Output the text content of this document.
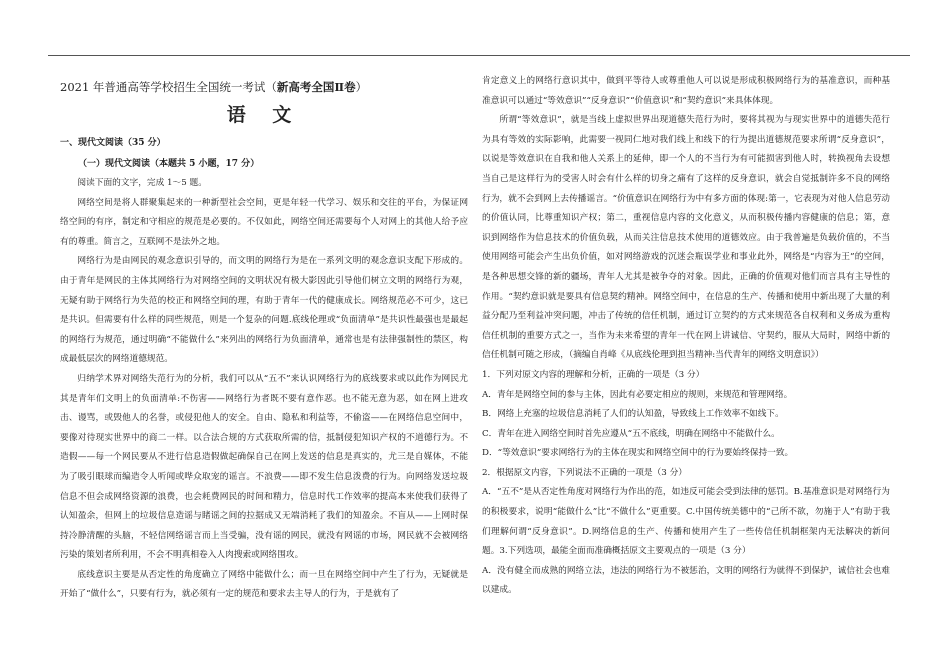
2021 年普通高等学校招生全国统一考试（新高考全国Ⅱ卷）
语 文
一、现代文阅读（35 分）
（一）现代文阅读（本题共 5 小题，17 分）

阅读下面的文字，完成 1～5 题。

网络空间是将人群聚集起来的一种新型社会空间，更是年轻一代学习、娱乐和交往的平台，为保证网络空间的有序，制定和守相应的规范是必要的。不仅如此，网络空间还需要每个人对网上的其他人给予应有的尊重。简言之，互联网不是法外之地。

网络行为是由网民的观念意识引导的，而文明的网络行为是在一系列文明的观念意识支配下形成的。由于青年是网民的主体其网络行为对网络空间的文明状况有极大影因此引导他们树立文明的网络行为观，无疑有助于网络行为失范的校正和网络空间的理，有助于青年一代的健康成长。网络规范必不可少，这已是共识。但需要有什么样的同些规范，则是一个复杂的问题.底线伦理或“负面清单”是共识性最强也是最起的网络行为规范，通过明确“不能做什么”来列出的网络行为负面清单，通常也是有法律强制性的禁区，构成最低层次的网络道德规范。

归纳学术界对网络失范行为的分析，我们可以从“五不”来认识网络行为的底线要求或以此作为网民尤其是青年们文明上的负面清单:不伤害——网络行为者既不要有意作恶。也不能无意为恶，如在网上进攻击、谩骂，或毁他人的名誉，或侵犯他人的安全。自由、隐私和利益等，不偷盗——在网络信息空间中，要像对待现实世界中的商二一样。以合法合规的方式获取所需的信，抵制侵犯知识产权的不道德行为。不造假——每一个网民要从不进行信息造假做起确保自己在网上发送的信息是真实的，尤三是自媒体，不能为了吸引眼球而编造令人听闻或哗众取宠的谣言。不浪费——即不发生信息泼费的行为。向网络发送垃圾信息不但会成网络资源的浪费，也会耗费网民的时间和精力，信息时代工作效率的提高本来使我们获得了认知盈余，但网上的垃圾信息造谣与睹谣之间的拉据成又无端消耗了我们的知盈余。不盲从——上网时保持冷静清醒的头脑，不轻信网络谣言而上当受骗，没有谣的网民，就没有网谣的市场，网民就不会被网络污染的策划者所利用，不会不明真相卷入人肉搜索或网络围攻。

底线意识主要是从否定性的角度确立了网络中能做什么；而一旦在网络空间中产生了行为，无疑就是开始了“做什么”，只要有行为，就必须有一定的规范和要求去主导人的行为，于是就有了

肯定意义上的网络行意识其中，做到平等待人或尊重他人可以说是形成积极网络行为的基准意识，而种基准意识可以通过“等效意识”“反身意识”“价值意识”和“契约意识”来具体体现。

所谓“等效意识”，就是当线上虚拟世界出现道德失范行为时，要将其视为与现实世界中的道德失范行为具有等效的实际影响，此需要一视同仁地对我们线上和线下的行为提出道德规范要求所谓“反身意识”，以说是等效意识在自我和他人关系上的延伸，即一个人的不当行为有可能损害到他人时，转换视角去设想当自己是这样行为的受害人时会有什么样的切身之痛有了这样的反身意识，就会自觉抵制许多不良的网络行为，就不会到网上去传播谣言。“价值意识在网络行为中有多方面的体现:第一，它表现为对他人信息劳动的价值认同，比尊重知识产权；第二，重视信息内容的文化意义，从而积极传播内容健康的信息；第，意识到网络作为信息技术的价值负载，从而关注信息技术使用的道德效应。由于我普遍是负载价值的，不当使用网络可能会产生出负价值，如对网络游戏的沉迷会瓶误学业和事业此外，网络是“内容为王”的空间，是各种思想交锋的新的疆场，青年人尤其是被争夺的对象。因此，正确的价值观对他们而言具有主导性的作用。“契约意识就是要具有信息契约精神。网络空间中，在信息的生产、传播和使用中新出现了大量的利益分配乃至利益冲突问题，冲击了传统的信任机制，通过订立契约的方式来规范各自权利和义务成为重构信任机制的重要方式之一，当作为未来希望的青年一代在网上讲诚信、守契约，服从大局时，网络中新的信任机制可随之形成，（摘编自肖峰《从底线伦理到担当精神:当代青年的网络文明意识》）

1．下列对原文内容的理解和分析，正确的一项是（3 分）

A．青年是网络空间的参与主体，因此有必要定相应的规则，来规范和管理网络。

B．网络上充塞的垃圾信息消耗了人们的认知盈，导致线上工作效率不如线下。

C．青年在进入网络空间时首先应遵从“五不底线，明确在网络中不能做什么。

D．“等效意识”要求网络行为的主体在现实和网络空间中的行为要始终保持一致。

2．根据原文内容，下列说法不正确的一项是（3 分）

A．“五不”是从否定性角度对网络行为作出的范，如违反可能会受到法律的惩罚。B.基准意识是对网络行为的积极要求，说明“能做什么”比“不做什么”更重要。C.中国传统美德中的“己所不欲，勿施于人”有助于我们理解何谓“反身意识”。D.网络信息的生产、传播和使用产生了一些传信任机制框架内无法解决的新问题。3.下列选项，最能全面而准确概括原文主要观点的一项是（3 分）

A．没有健全而成熟的网络立法，违法的网络行为不被惩治，文明的网络行为就得不到保护，诚信社会也难以建成。
